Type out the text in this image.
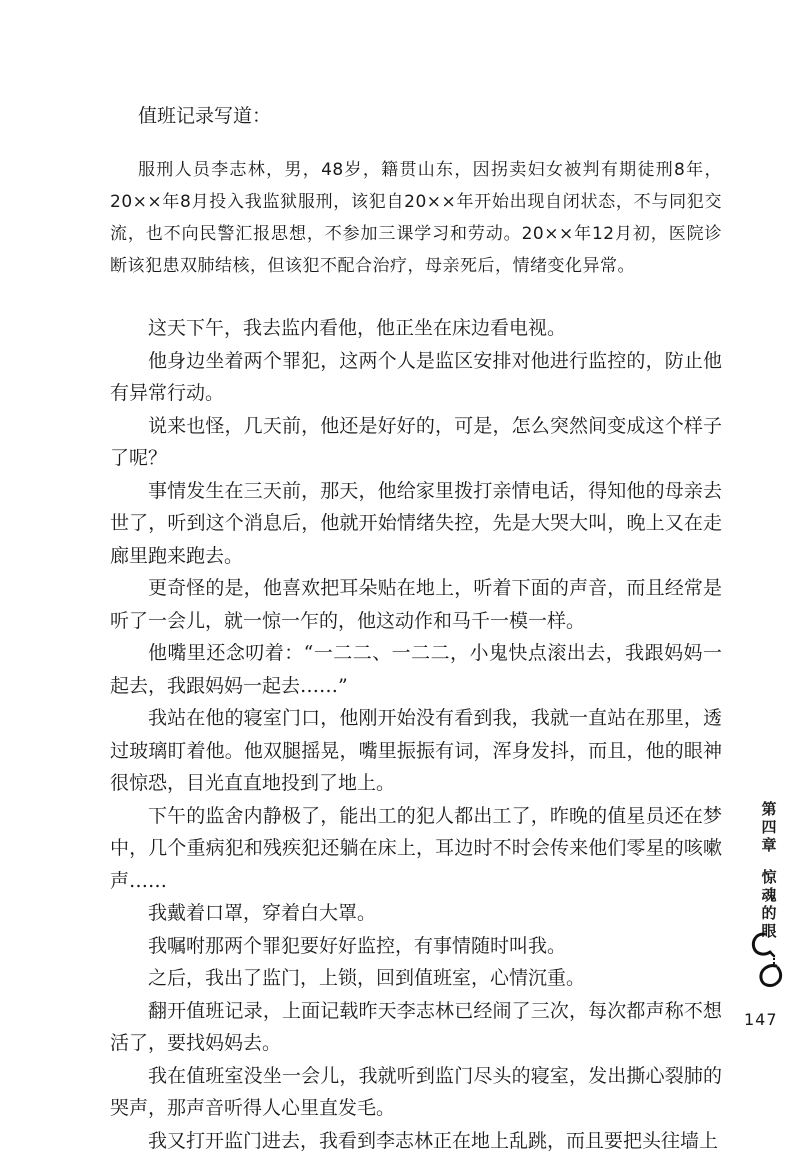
值班记录写道：

服刑人员李志林，男，48岁，籍贯山东，因拐卖妇女被判有期徒刑8年，20××年8月投入我监狱服刑，该犯自20××年开始出现自闭状态，不与同犯交流，也不向民警汇报思想，不参加三课学习和劳动。20××年12月初，医院诊断该犯患双肺结核，但该犯不配合治疗，母亲死后，情绪变化异常。

这天下午，我去监内看他，他正坐在床边看电视。

他身边坐着两个罪犯，这两个人是监区安排对他进行监控的，防止他有异常行动。

说来也怪，几天前，他还是好好的，可是，怎么突然间变成这个样子了呢？

事情发生在三天前，那天，他给家里拨打亲情电话，得知他的母亲去世了，听到这个消息后，他就开始情绪失控，先是大哭大叫，晚上又在走廊里跑来跑去。

更奇怪的是，他喜欢把耳朵贴在地上，听着下面的声音，而且经常是听了一会儿，就一惊一乍的，他这动作和马千一模一样。

他嘴里还念叨着：“一二二、一二二，小鬼快点滚出去，我跟妈妈一起去，我跟妈妈一起去……”

我站在他的寝室门口，他刚开始没有看到我，我就一直站在那里，透过玻璃盯着他。他双腿摇晃，嘴里振振有词，浑身发抖，而且，他的眼神很惊恐，目光直直地投到了地上。

下午的监舍内静极了，能出工的犯人都出工了，昨晚的值星员还在梦中，几个重病犯和残疾犯还躺在床上，耳边时不时会传来他们零星的咳嗽声……

我戴着口罩，穿着白大罩。

我嘱咐那两个罪犯要好好监控，有事情随时叫我。

之后，我出了监门，上锁，回到值班室，心情沉重。

翻开值班记录，上面记载昨天李志林已经闹了三次，每次都声称不想活了，要找妈妈去。

我在值班室没坐一会儿，我就听到监门尽头的寝室，发出撕心裂肺的哭声，那声音听得人心里直发毛。

我又打开监门进去，我看到李志林正在地上乱跳，而且要把头往墙上

第四章
惊魂的眼
147
